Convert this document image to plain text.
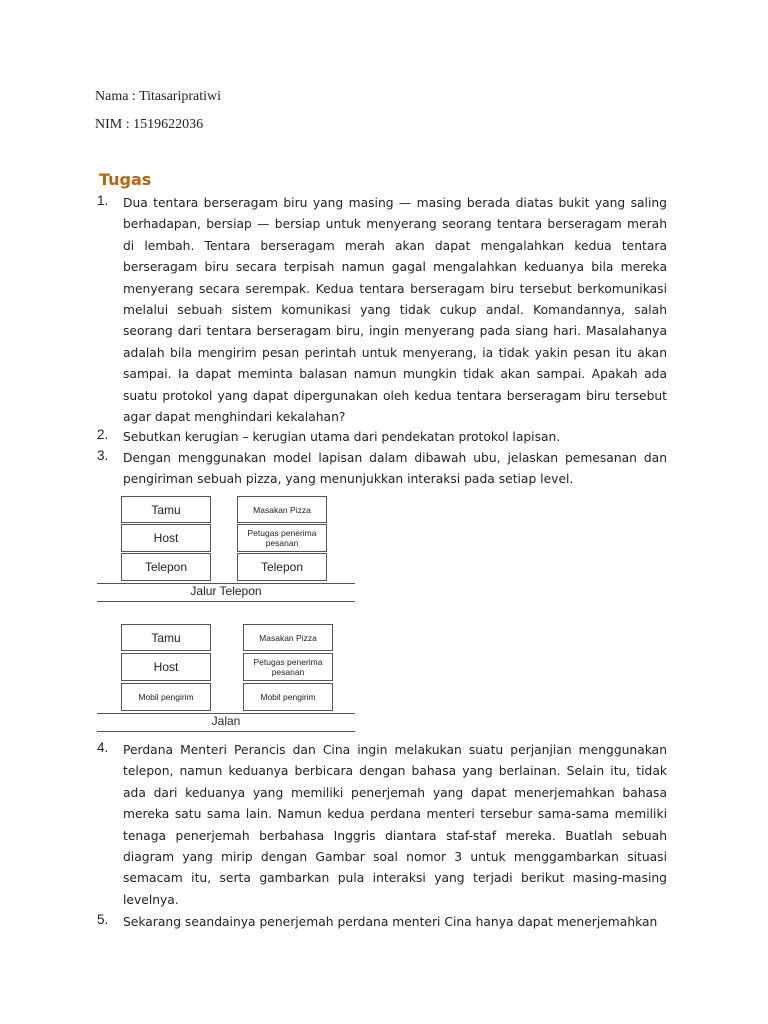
Nama : Titasaripratiwi
NIM : 1519622036
Tugas
1. Dua tentara berseragam biru yang masing — masing berada diatas bukit yang saling berhadapan, bersiap — bersiap untuk menyerang seorang tentara berseragam merah di lembah. Tentara berseragam merah akan dapat mengalahkan kedua tentara berseragam biru secara terpisah namun gagal mengalahkan keduanya bila mereka menyerang secara serempak. Kedua tentara berseragam biru tersebut berkomunikasi melalui sebuah sistem komunikasi yang tidak cukup andal. Komandannya, salah seorang dari tentara berseragam biru, ingin menyerang pada siang hari. Masalahanya adalah bila mengirim pesan perintah untuk menyerang, ia tidak yakin pesan itu akan sampai. Ia dapat meminta balasan namun mungkin tidak akan sampai. Apakah ada suatu protokol yang dapat dipergunakan oleh kedua tentara berseragam biru tersebut agar dapat menghindari kekalahan?
2. Sebutkan kerugian – kerugian utama dari pendekatan protokol lapisan.
3. Dengan menggunakan model lapisan dalam dibawah ubu, jelaskan pemesanan dan pengiriman sebuah pizza, yang menunjukkan interaksi pada setiap level.
Tamu
Host
Telepon
Masakan Pizza
Petugas penerima pesanan
Telepon
Jalur Telepon
Tamu
Host
Mobil pengirim
Masakan Pizza
Petugas penerima pesanan
Mobil pengirim
Jalan
4. Perdana Menteri Perancis dan Cina ingin melakukan suatu perjanjian menggunakan telepon, namun keduanya berbicara dengan bahasa yang berlainan. Selain itu, tidak ada dari keduanya yang memiliki penerjemah yang dapat menerjemahkan bahasa mereka satu sama lain. Namun kedua perdana menteri tersebur sama-sama memiliki tenaga penerjemah berbahasa Inggris diantara staf-staf mereka. Buatlah sebuah diagram yang mirip dengan Gambar soal nomor 3 untuk menggambarkan situasi semacam itu, serta gambarkan pula interaksi yang terjadi berikut masing-masing levelnya.
5. Sekarang seandainya penerjemah perdana menteri Cina hanya dapat menerjemahkan
